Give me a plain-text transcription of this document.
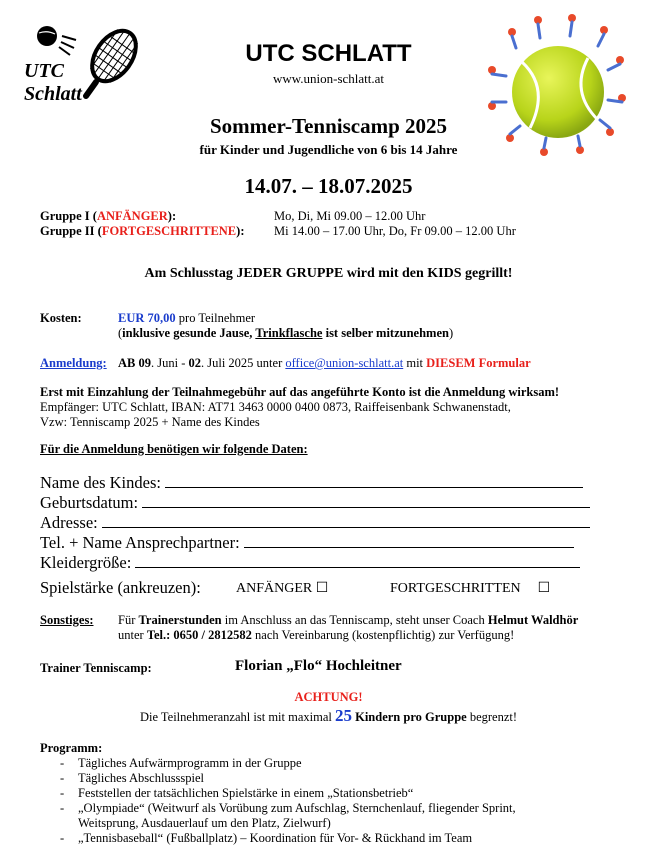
UTC
Schlatt
UTC SCHLATT
www.union-schlatt.at
Sommer-Tenniscamp 2025
für Kinder und Jugendliche von 6 bis 14 Jahre
14.07. – 18.07.2025
Gruppe I (ANFÄNGER):	Mo, Di, Mi 09.00 – 12.00 Uhr
Gruppe II (FORTGESCHRITTENE): Mi 14.00 – 17.00 Uhr, Do, Fr 09.00 – 12.00 Uhr
Am Schlusstag JEDER GRUPPE wird mit den KIDS gegrillt!
Kosten:	EUR 70,00 pro Teilnehmer
(inklusive gesunde Jause, Trinkflasche ist selber mitzunehmen)
Anmeldung: AB 09. Juni - 02. Juli 2025 unter office@union-schlatt.at mit DIESEM Formular
Erst mit Einzahlung der Teilnahmegebühr auf das angeführte Konto ist die Anmeldung wirksam!
Empfänger: UTC Schlatt, IBAN: AT71 3463 0000 0400 0873, Raiffeisenbank Schwanenstadt,
Vzw: Tenniscamp 2025 + Name des Kindes
Für die Anmeldung benötigen wir folgende Daten:
Name des Kindes:
Geburtsdatum:
Adresse:
Tel. + Name Ansprechpartner:
Kleidergröße:
Spielstärke (ankreuzen):	ANFÄNGER ☐	FORTGESCHRITTEN ☐
Sonstiges: Für Trainerstunden im Anschluss an das Tenniscamp, steht unser Coach Helmut Waldhör
unter Tel.: 0650 / 2812582 nach Vereinbarung (kostenpflichtig) zur Verfügung!
Trainer Tenniscamp:	Florian „Flo“ Hochleitner
ACHTUNG!
Die Teilnehmeranzahl ist mit maximal 25 Kindern pro Gruppe begrenzt!
Programm:
- Tägliches Aufwärmprogramm in der Gruppe
- Tägliches Abschlussspiel
- Feststellen der tatsächlichen Spielstärke in einem „Stationsbetrieb“
- „Olympiade“ (Weitwurf als Vorübung zum Aufschlag, Sternchenlauf, fliegender Sprint,
Weitsprung, Ausdauerlauf um den Platz, Zielwurf)
- „Tennisbaseball“ (Fußballplatz) – Koordination für Vor- & Rückhand im Team
